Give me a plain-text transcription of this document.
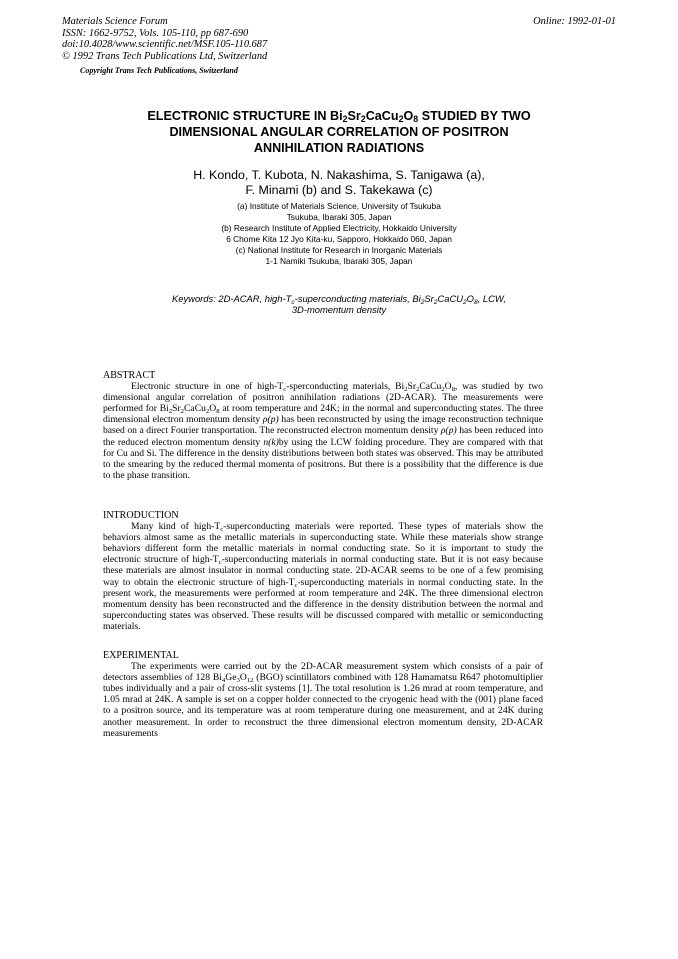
Materials Science Forum
ISSN: 1662-9752, Vols. 105-110, pp 687-690
doi:10.4028/www.scientific.net/MSF.105-110.687
© 1992 Trans Tech Publications Ltd, Switzerland
Online: 1992-01-01
Copyright Trans Tech Publications, Switzerland
ELECTRONIC STRUCTURE IN $Bi_2Sr_2CaCu_2O_8$ STUDIED BY TWO
DIMENSIONAL ANGULAR CORRELATION OF POSITRON
ANNIHILATION RADIATIONS
H. Kondo, T. Kubota, N. Nakashima, S. Tanigawa (a),
F. Minami (b) and S. Takekawa (c)
(a) Institute of Materials Science, University of Tsukuba
Tsukuba, Ibaraki 305, Japan
(b) Research Institute of Applied Electricity, Hokkaido University
6 Chome Kita 12 Jyo Kita-ku, Sapporo, Hokkaido 060, Japan
(c) National Institute for Research in Inorganic Materials
1-1 Namiki Tsukuba, Ibaraki 305, Japan
Keywords: 2D-ACAR, high-$T_c$-superconducting materials, $Bi_2Sr_2CaCU_2O_8$, LCW,
3D-momentum density
ABSTRACT

Electronic structure in one of high-$T_c$-sperconducting materials, $Bi_2Sr_2CaCu_2O_8$, was studied by two dimensional angular correlation of positron annihilation radiations (2D-ACAR). The measurements were performed for $Bi_2Sr_2CaCu_2O_8$ at room temperature and 24K; in the normal and superconducting states. The three dimensional electron momentum density ρ(p) has been reconstructed by using the image reconstruction technique based on a direct Fourier transportation. The reconstructed electron momentum density ρ(p) has been reduced into the reduced electron momentum density n(k)by using the LCW folding procedure. They are compared with that for Cu and Si. The difference in the density distributions between both states was observed. This may be attributed to the smearing by the reduced thermal momenta of positrons. But there is a possibility that the difference is due to the phase transition.

INTRODUCTION

Many kind of high-$T_c$-superconducting materials were reported. These types of materials show the behaviors almost same as the metallic materials in superconducting state. While these materials show strange behaviors different form the metallic materials in normal conducting state. So it is important to study the electronic structure of high-$T_c$-superconducting materials in normal conducting state. But it is not easy because these materials are almost insulator in normal conducting state. 2D-ACAR seems to be one of a few promising way to obtain the electronic structure of high-$T_c$-superconducting materials in normal conducting state. In the present work, the measurements were performed at room temperature and 24K. The three dimensional electron momentum density has been reconstructed and the difference in the density distribution between the normal and superconducting states was observed. These results will be discussed compared with metallic or semiconducting materials.

EXPERIMENTAL

The experiments were carried out by the 2D-ACAR measurement system which consists of a pair of detectors assemblies of 128 $Bi_4Ge_3O_{12}$ (BGO) scintillators combined with 128 Hamamatsu R647 photomultiplier tubes individually and a pair of cross-slit systems [1]. The total resolution is 1.26 mrad at room temperature, and 1.05 mrad at 24K. A sample is set on a copper holder connected to the cryogenic head with the (001) plane faced to a positron source, and its temperature was at room temperature during one measurement, and at 24K during another measurement. In order to reconstruct the three dimensional electron momentum density, 2D-ACAR measurements
